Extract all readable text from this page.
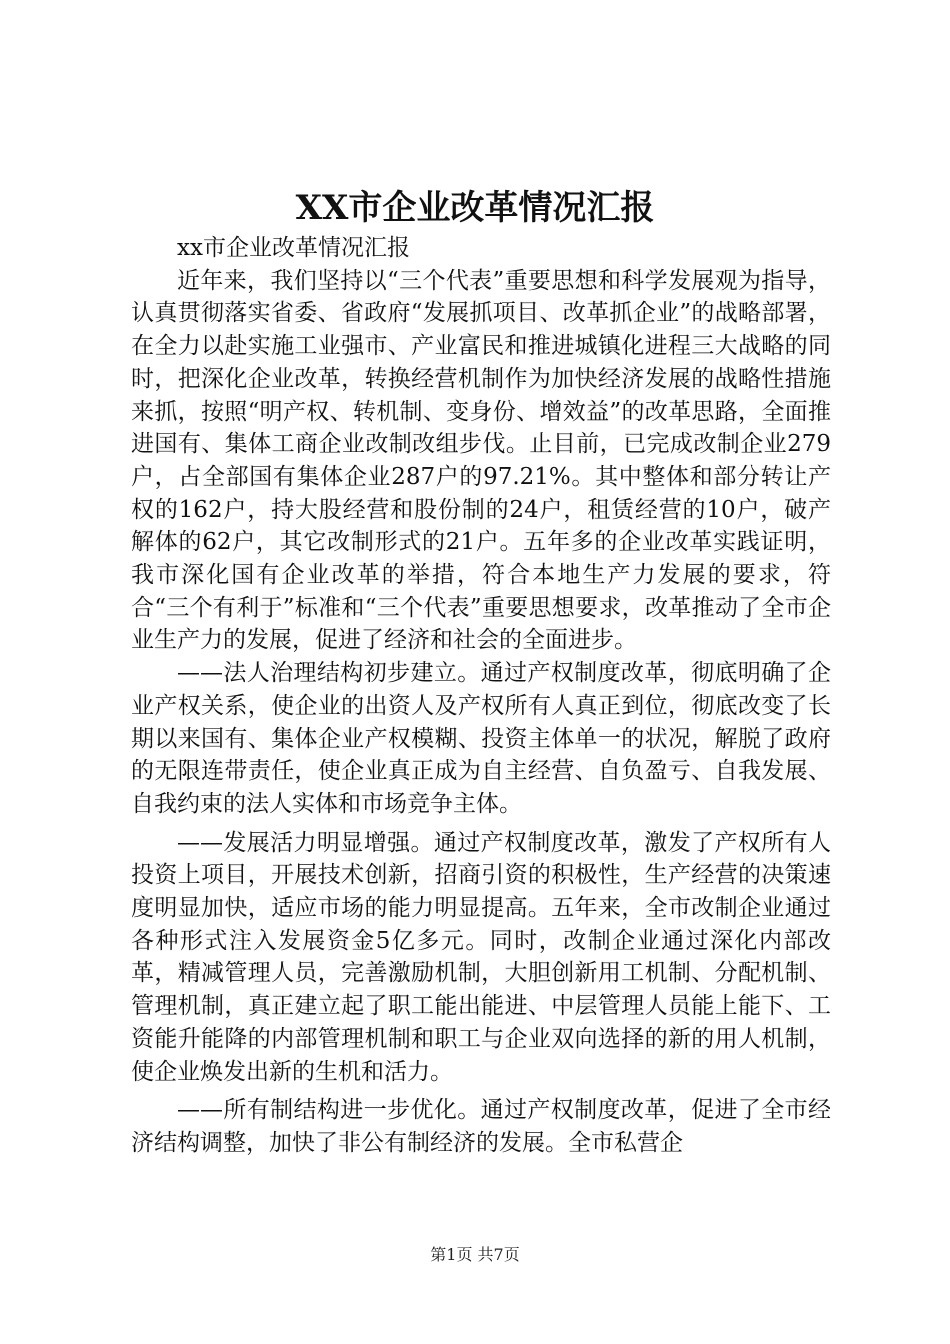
XX市企业改革情况汇报

xx市企业改革情况汇报

近年来，我们坚持以“三个代表”重要思想和科学发展观为指导，认真贯彻落实省委、省政府“发展抓项目、改革抓企业”的战略部署，在全力以赴实施工业强市、产业富民和推进城镇化进程三大战略的同时，把深化企业改革，转换经营机制作为加快经济发展的战略性措施来抓，按照“明产权、转机制、变身份、增效益”的改革思路，全面推进国有、集体工商企业改制改组步伐。止目前，已完成改制企业279户，占全部国有集体企业287户的97.21%。其中整体和部分转让产权的162户，持大股经营和股份制的24户，租赁经营的10户，破产解体的62户，其它改制形式的21户。五年多的企业改革实践证明，我市深化国有企业改革的举措，符合本地生产力发展的要求，符合“三个有利于”标准和“三个代表”重要思想要求，改革推动了全市企业生产力的发展，促进了经济和社会的全面进步。

——法人治理结构初步建立。通过产权制度改革，彻底明确了企业产权关系，使企业的出资人及产权所有人真正到位，彻底改变了长期以来国有、集体企业产权模糊、投资主体单一的状况，解脱了政府的无限连带责任，使企业真正成为自主经营、自负盈亏、自我发展、自我约束的法人实体和市场竞争主体。

——发展活力明显增强。通过产权制度改革，激发了产权所有人投资上项目，开展技术创新，招商引资的积极性，生产经营的决策速度明显加快，适应市场的能力明显提高。五年来，全市改制企业通过各种形式注入发展资金5亿多元。同时，改制企业通过深化内部改革，精减管理人员，完善激励机制，大胆创新用工机制、分配机制、管理机制，真正建立起了职工能出能进、中层管理人员能上能下、工资能升能降的内部管理机制和职工与企业双向选择的新的用人机制，使企业焕发出新的生机和活力。

——所有制结构进一步优化。通过产权制度改革，促进了全市经济结构调整，加快了非公有制经济的发展。全市私营企

第1页 共7页
